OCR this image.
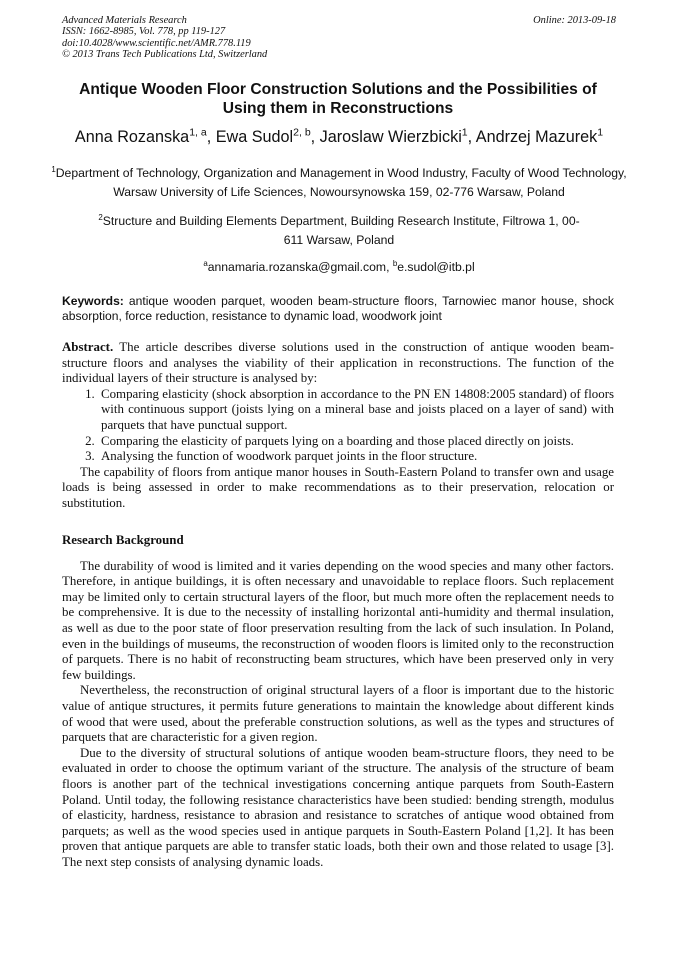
Advanced Materials Research
ISSN: 1662-8985, Vol. 778, pp 119-127
doi:10.4028/www.scientific.net/AMR.778.119
© 2013 Trans Tech Publications Ltd, Switzerland
Online: 2013-09-18
Antique Wooden Floor Construction Solutions and the Possibilities of Using them in Reconstructions
Anna Rozanska$^{1, a}$, Ewa Sudol$^{2, b}$, Jaroslaw Wierzbicki$^1$, Andrzej Mazurek$^1$
$^1$Department of Technology, Organization and Management in Wood Industry, Faculty of Wood Technology, Warsaw University of Life Sciences, Nowoursynowska 159, 02-776 Warsaw, Poland
$^2$Structure and Building Elements Department, Building Research Institute, Filtrowa 1, 00-611 Warsaw, Poland
$^a$annamaria.rozanska@gmail.com, $^b$e.sudol@itb.pl
Keywords: antique wooden parquet, wooden beam-structure floors, Tarnowiec manor house, shock absorption, force reduction, resistance to dynamic load, woodwork joint

Abstract. The article describes diverse solutions used in the construction of antique wooden beam-structure floors and analyses the viability of their application in reconstructions. The function of the individual layers of their structure is analysed by:

1. Comparing elasticity (shock absorption in accordance to the PN EN 14808:2005 standard) of floors with continuous support (joists lying on a mineral base and joists placed on a layer of sand) with parquets that have punctual support.
2. Comparing the elasticity of parquets lying on a boarding and those placed directly on joists.
3. Analysing the function of woodwork parquet joints in the floor structure.

The capability of floors from antique manor houses in South-Eastern Poland to transfer own and usage loads is being assessed in order to make recommendations as to their preservation, relocation or substitution.

Research Background

The durability of wood is limited and it varies depending on the wood species and many other factors. Therefore, in antique buildings, it is often necessary and unavoidable to replace floors. Such replacement may be limited only to certain structural layers of the floor, but much more often the replacement needs to be comprehensive. It is due to the necessity of installing horizontal anti-humidity and thermal insulation, as well as due to the poor state of floor preservation resulting from the lack of such insulation. In Poland, even in the buildings of museums, the reconstruction of wooden floors is limited only to the reconstruction of parquets. There is no habit of reconstructing beam structures, which have been preserved only in very few buildings.

Nevertheless, the reconstruction of original structural layers of a floor is important due to the historic value of antique structures, it permits future generations to maintain the knowledge about different kinds of wood that were used, about the preferable construction solutions, as well as the types and structures of parquets that are characteristic for a given region.

Due to the diversity of structural solutions of antique wooden beam-structure floors, they need to be evaluated in order to choose the optimum variant of the structure. The analysis of the structure of beam floors is another part of the technical investigations concerning antique parquets from South-Eastern Poland. Until today, the following resistance characteristics have been studied: bending strength, modulus of elasticity, hardness, resistance to abrasion and resistance to scratches of antique wood obtained from parquets; as well as the wood species used in antique parquets in South-Eastern Poland [1,2]. It has been proven that antique parquets are able to transfer static loads, both their own and those related to usage [3]. The next step consists of analysing dynamic loads.
